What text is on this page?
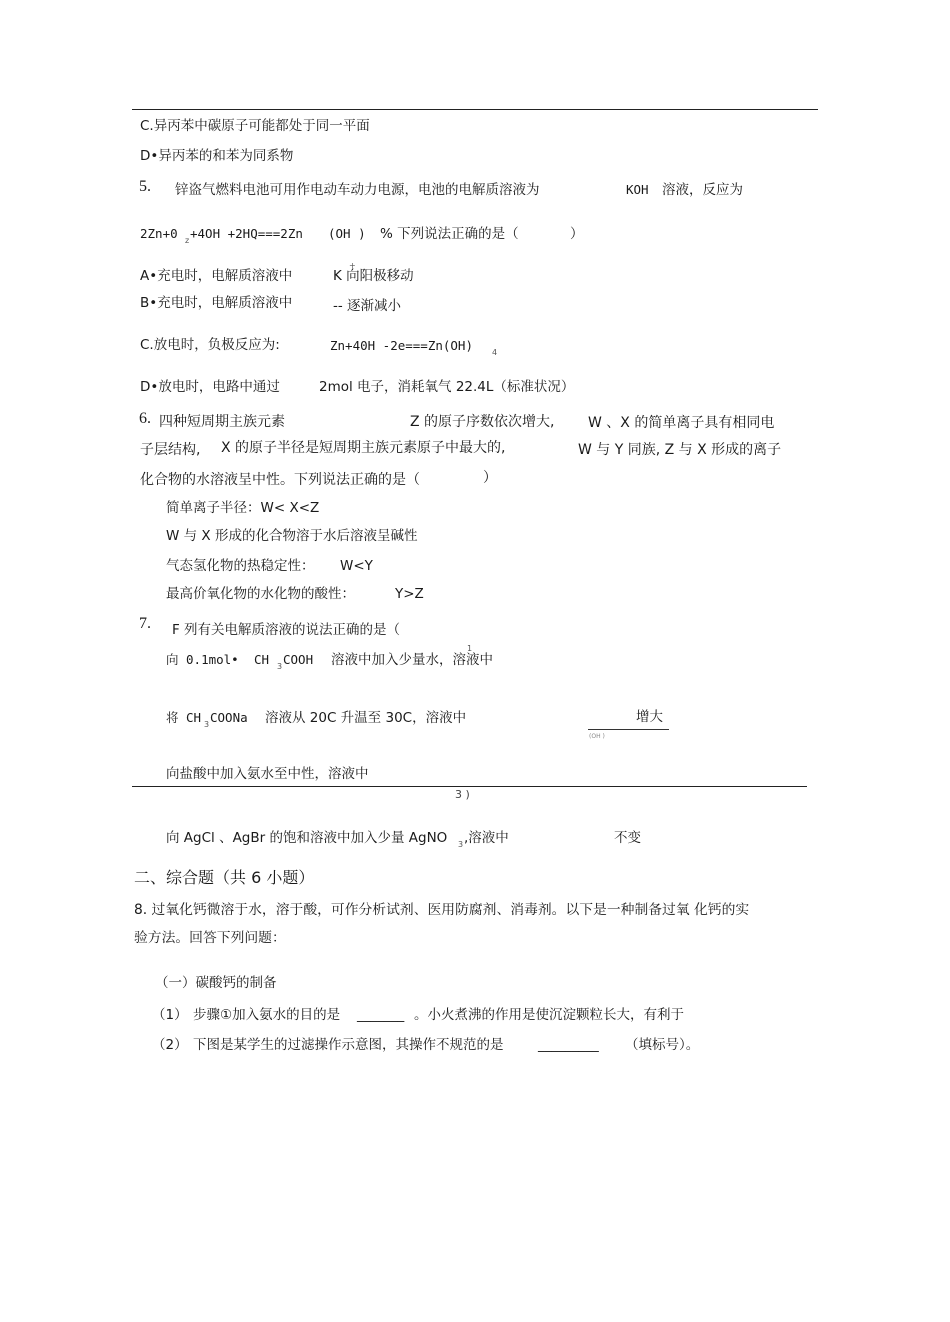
C.异丙苯中碳原子可能都处于同一平面
D•异丙苯的和苯为同系物
5. 锌盗气燃料电池可用作电动车动力电源，电池的电解质溶液为	KOH 溶液，反应为
2Zn+0 z +4OH +2HQ===2Zn (OH ) % 下列说法正确的是（	）
A•充电时，电解质溶液中
+
K 向阳极移动
B•充电时，电解质溶液中	-- 逐渐减小
C.放电时，负极反应为:	Zn+40H -2e===Zn(OH) 4
D•放电时，电路中通过	2mol 电子，消耗氧气 22.4L（标准状况）
6. 四种短周期主族元素	Z 的原子序数依次增大, W 、X 的简单离子具有相同电
子层结构, X 的原子半径是短周期主族元素原子中最大的,	W 与 Y 同族, Z 与 X 形成的离子
化合物的水溶液呈中性。下列说法正确的是（	）
简单离子半径：W< X<Z
W 与 X 形成的化合物溶于水后溶液呈碱性
气态氢化物的热稳定性： W<Y
最高价氧化物的水化物的酸性：	Y>Z
7. F 列有关电解质溶液的说法正确的是（
向 0.1mol• CH 3 COOH 溶液中加入少量水，溶液中
1
将 CH 3 COONa 溶液从 20C 升温至 30C，溶液中	增大
(OH )
向盐酸中加入氨水至中性，溶液中
3 )
向 AgCl 、AgBr 的饱和溶液中加入少量 AgNO 3 ,溶液中	不变
二、综合题（共 6 小题）
8. 过氧化钙微溶于水，溶于酸，可作分析试剂、医用防腐剂、消毒剂。以下是一种制备过氧 化钙的实
验方法。回答下列问题：
（一）碳酸钙的制备
（1） 步骤①加入氨水的目的是 _______ 。小火煮沸的作用是使沉淀颗粒长大，有利于
（2） 下图是某学生的过滤操作示意图，其操作不规范的是	_________ （填标号）。
